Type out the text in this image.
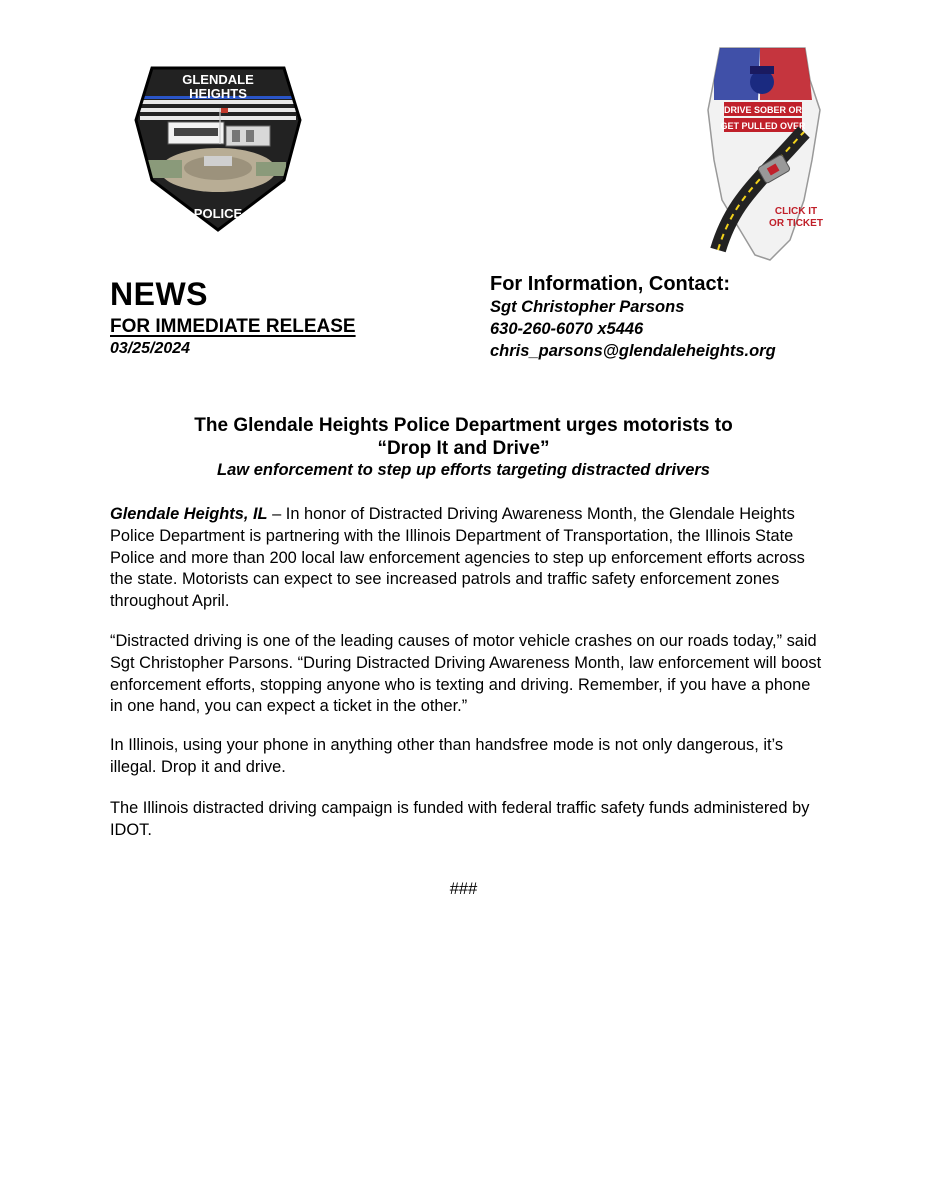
GLENDALE
HEIGHTS
POLICE
DRIVE SOBER OR
GET PULLED OVER
CLICK IT
OR TICKET
NEWS
FOR IMMEDIATE RELEASE
03/25/2024
For Information, Contact:
Sgt Christopher Parsons
630-260-6070 x5446
chris_parsons@glendaleheights.org
The Glendale Heights Police Department urges motorists to
“Drop It and Drive”
Law enforcement to step up efforts targeting distracted drivers

Glendale Heights, IL – In honor of Distracted Driving Awareness Month, the Glendale Heights Police Department is partnering with the Illinois Department of Transportation, the Illinois State Police and more than 200 local law enforcement agencies to step up enforcement efforts across the state. Motorists can expect to see increased patrols and traffic safety enforcement zones throughout April.

“Distracted driving is one of the leading causes of motor vehicle crashes on our roads today,” said Sgt Christopher Parsons. “During Distracted Driving Awareness Month, law enforcement will boost enforcement efforts, stopping anyone who is texting and driving. Remember, if you have a phone in one hand, you can expect a ticket in the other.”

In Illinois, using your phone in anything other than handsfree mode is not only dangerous, it’s illegal. Drop it and drive.

The Illinois distracted driving campaign is funded with federal traffic safety funds administered by IDOT.

###
